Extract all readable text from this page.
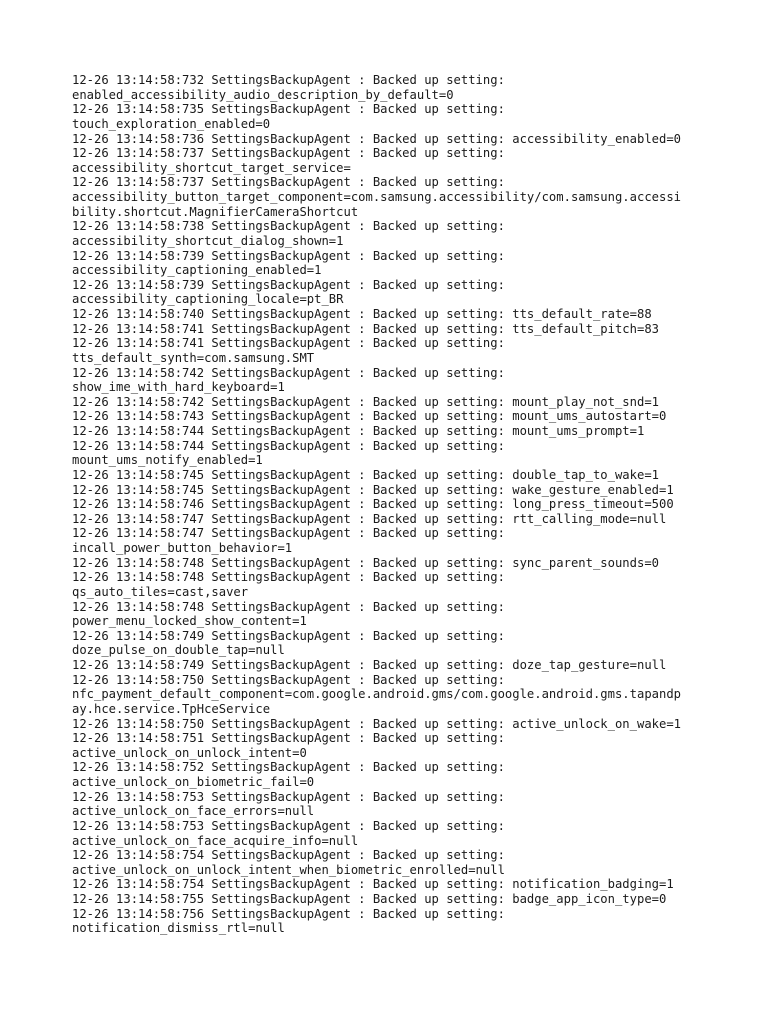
12-26 13:14:58:732 SettingsBackupAgent : Backed up setting:
enabled_accessibility_audio_description_by_default=0
12-26 13:14:58:735 SettingsBackupAgent : Backed up setting:
touch_exploration_enabled=0
12-26 13:14:58:736 SettingsBackupAgent : Backed up setting: accessibility_enabled=0
12-26 13:14:58:737 SettingsBackupAgent : Backed up setting:
accessibility_shortcut_target_service=
12-26 13:14:58:737 SettingsBackupAgent : Backed up setting:
accessibility_button_target_component=com.samsung.accessibility/com.samsung.accessi
bility.shortcut.MagnifierCameraShortcut
12-26 13:14:58:738 SettingsBackupAgent : Backed up setting:
accessibility_shortcut_dialog_shown=1
12-26 13:14:58:739 SettingsBackupAgent : Backed up setting:
accessibility_captioning_enabled=1
12-26 13:14:58:739 SettingsBackupAgent : Backed up setting:
accessibility_captioning_locale=pt_BR
12-26 13:14:58:740 SettingsBackupAgent : Backed up setting: tts_default_rate=88
12-26 13:14:58:741 SettingsBackupAgent : Backed up setting: tts_default_pitch=83
12-26 13:14:58:741 SettingsBackupAgent : Backed up setting:
tts_default_synth=com.samsung.SMT
12-26 13:14:58:742 SettingsBackupAgent : Backed up setting:
show_ime_with_hard_keyboard=1
12-26 13:14:58:742 SettingsBackupAgent : Backed up setting: mount_play_not_snd=1
12-26 13:14:58:743 SettingsBackupAgent : Backed up setting: mount_ums_autostart=0
12-26 13:14:58:744 SettingsBackupAgent : Backed up setting: mount_ums_prompt=1
12-26 13:14:58:744 SettingsBackupAgent : Backed up setting:
mount_ums_notify_enabled=1
12-26 13:14:58:745 SettingsBackupAgent : Backed up setting: double_tap_to_wake=1
12-26 13:14:58:745 SettingsBackupAgent : Backed up setting: wake_gesture_enabled=1
12-26 13:14:58:746 SettingsBackupAgent : Backed up setting: long_press_timeout=500
12-26 13:14:58:747 SettingsBackupAgent : Backed up setting: rtt_calling_mode=null
12-26 13:14:58:747 SettingsBackupAgent : Backed up setting:
incall_power_button_behavior=1
12-26 13:14:58:748 SettingsBackupAgent : Backed up setting: sync_parent_sounds=0
12-26 13:14:58:748 SettingsBackupAgent : Backed up setting:
qs_auto_tiles=cast,saver
12-26 13:14:58:748 SettingsBackupAgent : Backed up setting:
power_menu_locked_show_content=1
12-26 13:14:58:749 SettingsBackupAgent : Backed up setting:
doze_pulse_on_double_tap=null
12-26 13:14:58:749 SettingsBackupAgent : Backed up setting: doze_tap_gesture=null
12-26 13:14:58:750 SettingsBackupAgent : Backed up setting:
nfc_payment_default_component=com.google.android.gms/com.google.android.gms.tapandp
ay.hce.service.TpHceService
12-26 13:14:58:750 SettingsBackupAgent : Backed up setting: active_unlock_on_wake=1
12-26 13:14:58:751 SettingsBackupAgent : Backed up setting:
active_unlock_on_unlock_intent=0
12-26 13:14:58:752 SettingsBackupAgent : Backed up setting:
active_unlock_on_biometric_fail=0
12-26 13:14:58:753 SettingsBackupAgent : Backed up setting:
active_unlock_on_face_errors=null
12-26 13:14:58:753 SettingsBackupAgent : Backed up setting:
active_unlock_on_face_acquire_info=null
12-26 13:14:58:754 SettingsBackupAgent : Backed up setting:
active_unlock_on_unlock_intent_when_biometric_enrolled=null
12-26 13:14:58:754 SettingsBackupAgent : Backed up setting: notification_badging=1
12-26 13:14:58:755 SettingsBackupAgent : Backed up setting: badge_app_icon_type=0
12-26 13:14:58:756 SettingsBackupAgent : Backed up setting:
notification_dismiss_rtl=null
